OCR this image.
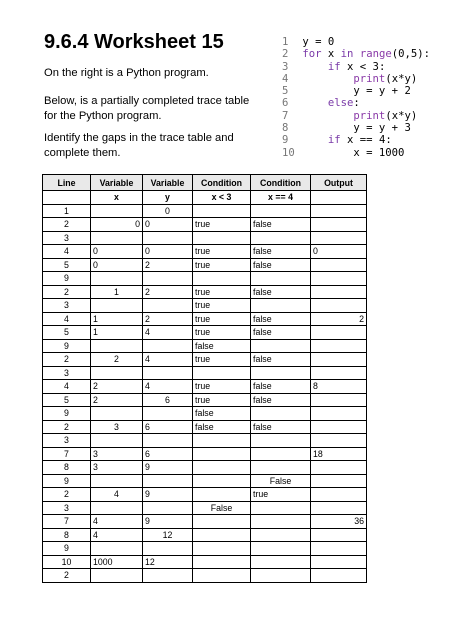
9.6.4 Worksheet 15
On the right is a Python program.
Below, is a partially completed trace table for the Python program.
Identify the gaps in the trace table and complete them.
1 y = 0
2 for x in range(0,5):
3	if x < 3:
4	print(x*y)
5         y = y + 2
6	else:
7	print(x*y)
8         y = y + 3
9	if x == 4:
10         x = 1000
Line	Variable	Variable	Condition	Condition	Output
	x	y	x < 3	x == 4	
1		0			
2	0	0	true	false	
3					
4	0	0	true	false	0
5	0	2	true	false	
9					
2	1	2	true	false	
3			true		
4	1	2	true	false	2
5	1	4	true	false	
9			false		
2	2	4	true	false	
3					
4	2	4	true	false	8
5	2	6	true	false	
9			false		
2	3	6	false	false	
3					
7	3	6			18
8	3	9			
9				False	
2	4	9		true	
3			False		
7	4	9			36
8	4	12			
9					
10	1000	12			
2					
